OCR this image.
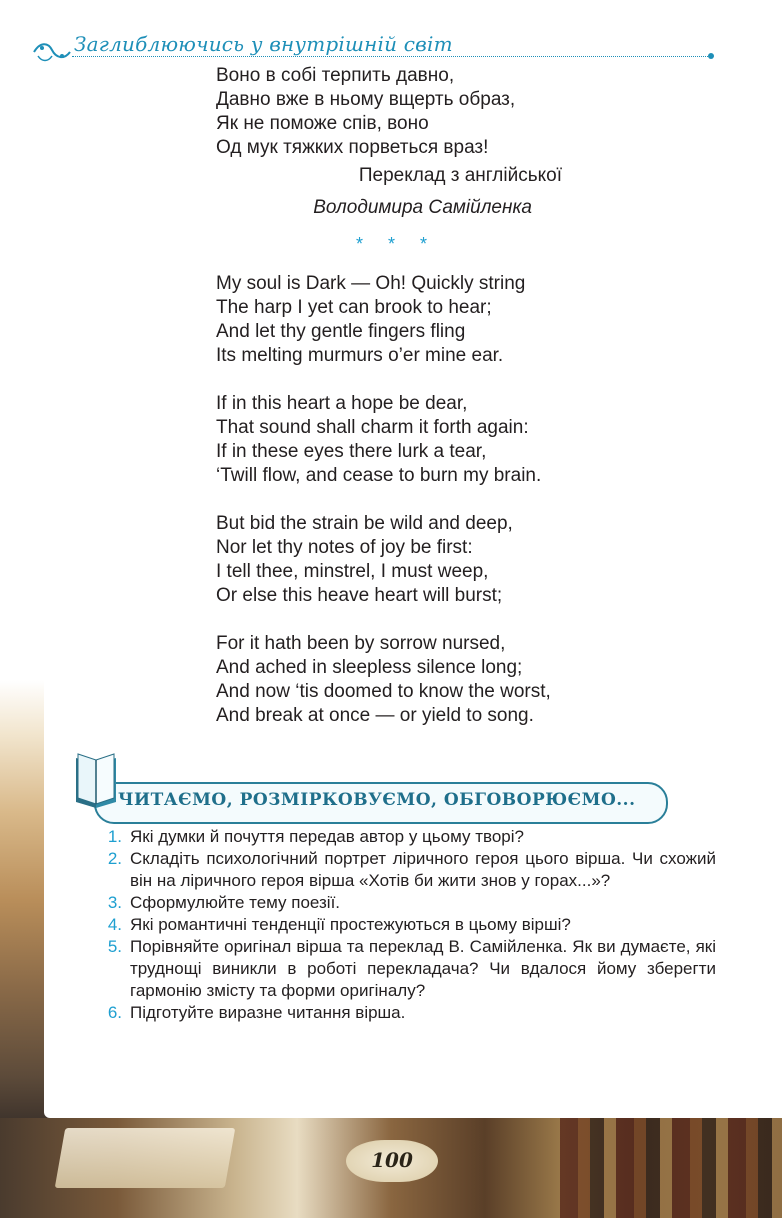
Заглиблюючись у внутрішній світ
Воно в собі терпить давно,
Давно вже в ньому вщерть образ,
Як не поможе спів, воно
Од мук тяжких порветься враз!
Переклад з англійської
Володимира Самійленка
* * *
My soul is Dark — Oh! Quickly string
The harp I yet can brook to hear;
And let thy gentle fingers fling
Its melting murmurs o’er mine ear.
If in this heart a hope be dear,
That sound shall charm it forth again:
If in these eyes there lurk a tear,
‘Twill flow, and cease to burn my brain.
But bid the strain be wild and deep,
Nor let thy notes of joy be first:
I tell thee, minstrel, I must weep,
Or else this heave heart will burst;
For it hath been by sorrow nursed,
And ached in sleepless silence long;
And now ‘tis doomed to know the worst,
And break at once — or yield to song.
ЧИТАЄМО, РОЗМІРКОВУЄМО, ОБГОВОРЮЄМО...
1. Які думки й почуття передав автор у цьому творі?
2. Складіть психологічний портрет ліричного героя цього вірша. Чи схожий він на ліричного героя вірша «Хотів би жити знов у горах...»?
3. Сформулюйте тему поезії.
4. Які романтичні тенденції простежуються в цьому вірші?
5. Порівняйте оригінал вірша та переклад В. Самійленка. Як ви думаєте, які труднощі виникли в роботі перекладача? Чи вдалося йому зберегти гармонію змісту та форми оригіналу?
6. Підготуйте виразне читання вірша.
100
